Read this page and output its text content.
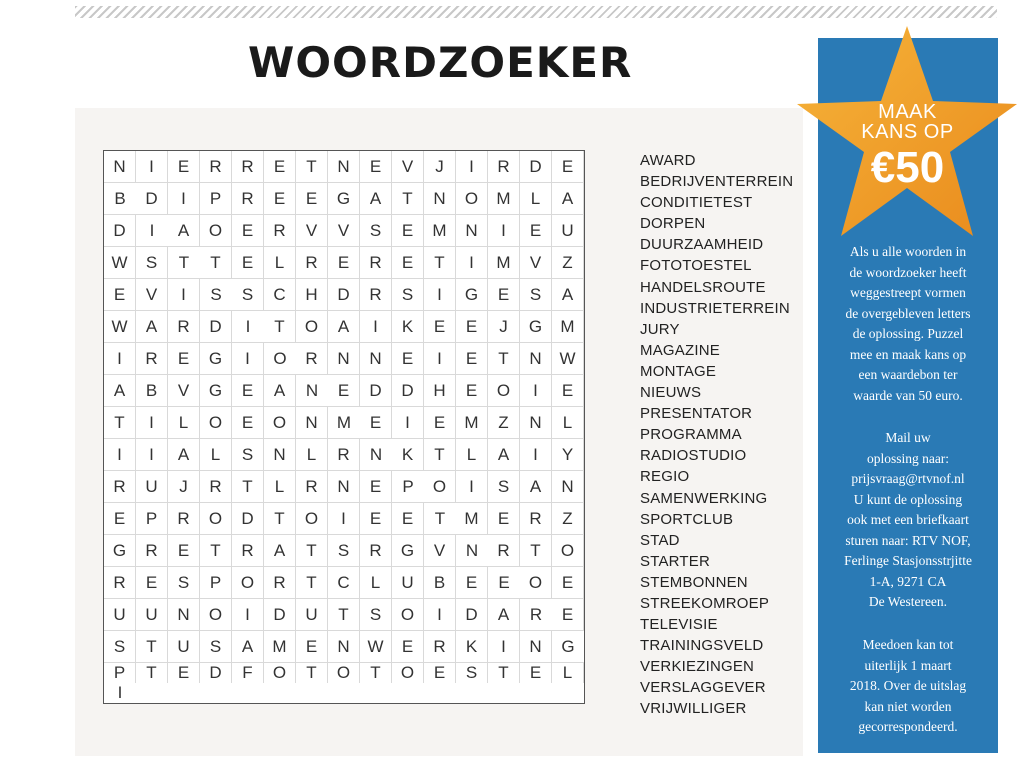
WOORDZOEKER
N	I	E	R	R	E	T	N	E	V	J	I	R	D	E
B	D	I	P	R	E	E	G	A	T	N	O	M	L	A
D	I	A	O	E	R	V	V	S	E	M	N	I	E	U
W	S	T	T	E	L	R	E	R	E	T	I	M	V	Z
E	V	I	S	S	C	H	D	R	S	I	G	E	S	A
W	A	R	D	I	T	O	A	I	K	E	E	J	G	M
I	R	E	G	I	O	R	N	N	E	I	E	T	N	W
A	B	V	G	E	A	N	E	D	D	H	E	O	I	E
T	I	L	O	E	O	N	M	E	I	E	M	Z	N	L
I	I	A	L	S	N	L	R	N	K	T	L	A	I	Y
R	U	J	R	T	L	R	N	E	P	O	I	S	A	N
E	P	R	O	D	T	O	I	E	E	T	M	E	R	Z
G	R	E	T	R	A	T	S	R	G	V	N	R	T	O
R	E	S	P	O	R	T	C	L	U	B	E	E	O	E
U	U	N	O	I	D	U	T	S	O	I	D	A	R	E
S	T	U	S	A	M	E	N	W	E	R	K	I	N	G
P	T	E	D	F	O	T	O	T	O	E	S	T	E	L
I
AWARD
BEDRIJVENTERREIN
CONDITIETEST
DORPEN
DUURZAAMHEID
FOTOTOESTEL
HANDELSROUTE
INDUSTRIETERREIN
JURY
MAGAZINE
MONTAGE
NIEUWS
PRESENTATOR
PROGRAMMA
RADIOSTUDIO
REGIO
SAMENWERKING
SPORTCLUB
STAD
STARTER
STEMBONNEN
STREEKOMROEP
TELEVISIE
TRAININGSVELD
VERKIEZINGEN
VERSLAGGEVER
VRIJWILLIGER
MAAK
KANS OP
€50

Als u alle woorden in
de woordzoeker heeft
weggestreept vormen
de overgebleven letters
de oplossing. Puzzel
mee en maak kans op
een waardebon ter
waarde van 50 euro.

Mail uw
oplossing naar:
prijsvraag@rtvnof.nl
U kunt de oplossing
ook met een briefkaart
sturen naar: RTV NOF,
Ferlinge Stasjonsstrjitte
1-A, 9271 CA
De Westereen.

Meedoen kan tot
uiterlijk 1 maart
2018. Over de uitslag
kan niet worden
gecorrespondeerd.
